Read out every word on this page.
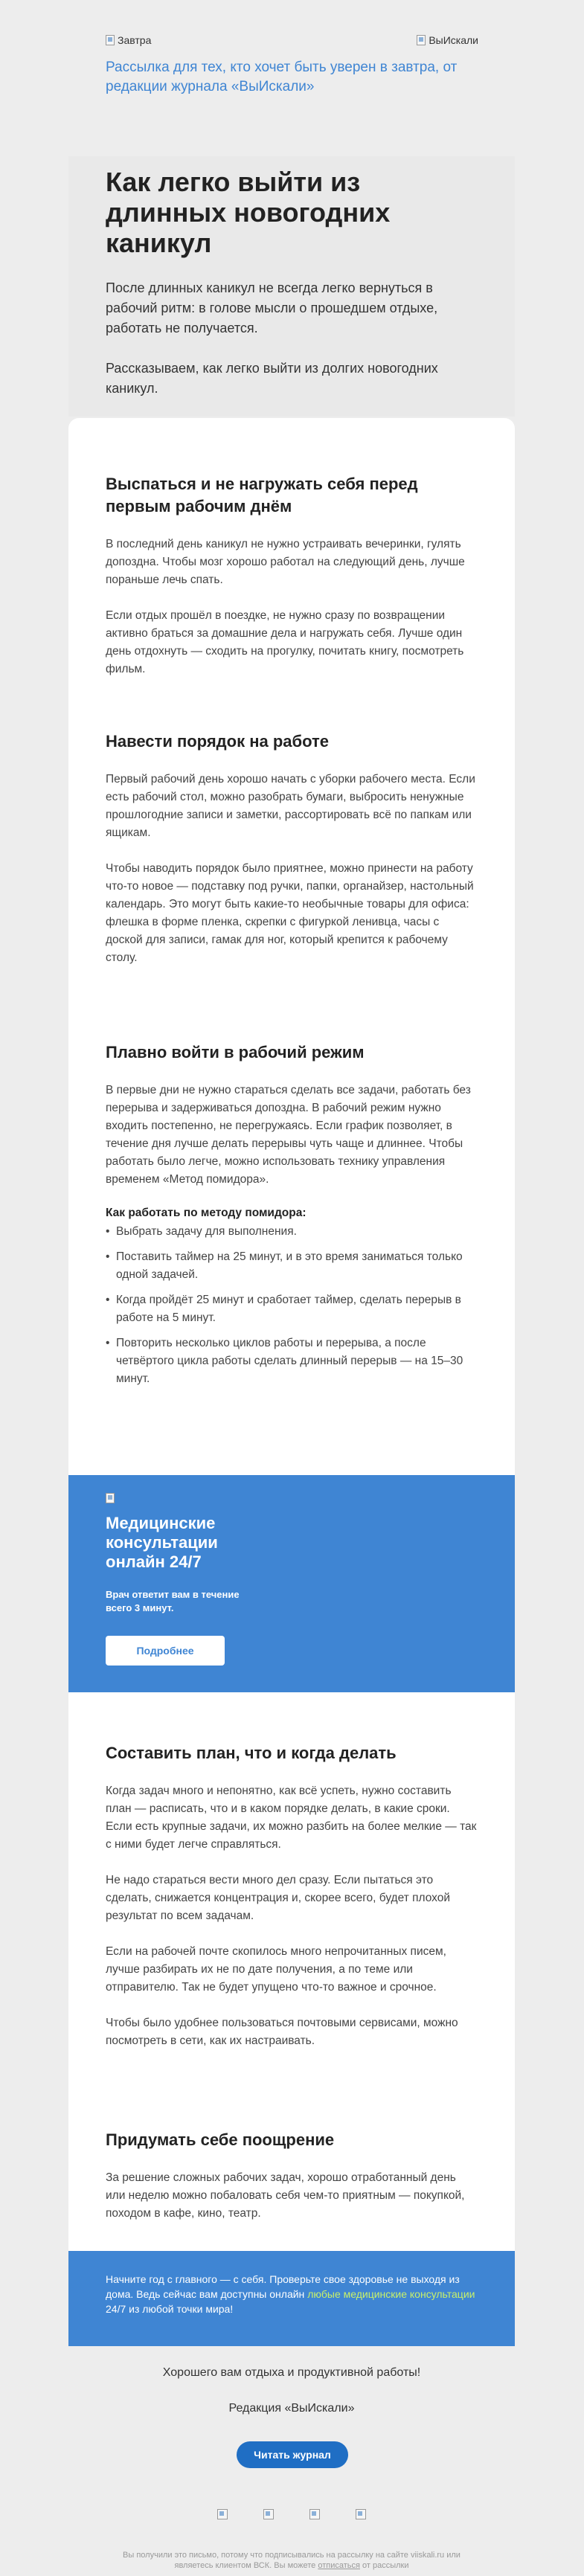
Завтра	ВыИскали
Рассылка для тех, кто хочет быть уверен в завтра, от редакции журнала «ВыИскали»
Как легко выйти из длинных новогодних каникул

После длинных каникул не всегда легко вернуться в рабочий ритм: в голове мысли о прошедшем отдыхе, работать не получается.

Рассказываем, как легко выйти из долгих новогодних каникул.

Выспаться и не нагружать себя перед первым рабочим днём

В последний день каникул не нужно устраивать вечеринки, гулять допоздна. Чтобы мозг хорошо работал на следующий день, лучше пораньше лечь спать.

Если отдых прошёл в поездке, не нужно сразу по возвращении активно браться за домашние дела и нагружать себя. Лучше один день отдохнуть — сходить на прогулку, почитать книгу, посмотреть фильм.

Навести порядок на работе

Первый рабочий день хорошо начать с уборки рабочего места. Если есть рабочий стол, можно разобрать бумаги, выбросить ненужные прошлогодние записи и заметки, рассортировать всё по папкам или ящикам.

Чтобы наводить порядок было приятнее, можно принести на работу что-то новое — подставку под ручки, папки, органайзер, настольный календарь. Это могут быть какие-то необычные товары для офиса: флешка в форме пленка, скрепки с фигуркой ленивца, часы с доской для записи, гамак для ног, который крепится к рабочему столу.

Плавно войти в рабочий режим

В первые дни не нужно стараться сделать все задачи, работать без перерыва и задерживаться допоздна. В рабочий режим нужно входить постепенно, не перегружаясь. Если график позволяет, в течение дня лучше делать перерывы чуть чаще и длиннее. Чтобы работать было легче, можно использовать технику управления временем «Метод помидора».

Как работать по методу помидора:
• Выбрать задачу для выполнения.
• Поставить таймер на 25 минут, и в это время заниматься только одной задачей.
• Когда пройдёт 25 минут и сработает таймер, сделать перерыв в работе на 5 минут.
• Повторить несколько циклов работы и перерыва, а после четвёртого цикла работы сделать длинный перерыв — на 15–30 минут.
Медицинские консультации онлайн 24/7
Врач ответит вам в течение всего 3 минут.
Подробнее
Составить план, что и когда делать

Когда задач много и непонятно, как всё успеть, нужно составить план — расписать, что и в каком порядке делать, в какие сроки. Если есть крупные задачи, их можно разбить на более мелкие — так с ними будет легче справляться.

Не надо стараться вести много дел сразу. Если пытаться это сделать, снижается концентрация и, скорее всего, будет плохой результат по всем задачам.

Если на рабочей почте скопилось много непрочитанных писем, лучше разбирать их не по дате получения, а по теме или отправителю. Так не будет упущено что-то важное и срочное.

Чтобы было удобнее пользоваться почтовыми сервисами, можно посмотреть в сети, как их настраивать.

Придумать себе поощрение

За решение сложных рабочих задач, хорошо отработанный день или неделю можно побаловать себя чем-то приятным — покупкой, походом в кафе, кино, театр.

Начните год с главного — с себя. Проверьте свое здоровье не выходя из дома. Ведь сейчас вам доступны онлайн любые медицинские консультации 24/7 из любой точки мира!

Хорошего вам отдыха и продуктивной работы!

Редакция «ВыИскали»

Читать журнал
Вы получили это письмо, потому что подписывались на рассылку на сайте viiskali.ru или являетесь клиентом ВСК. Вы можете отписаться от рассылки
